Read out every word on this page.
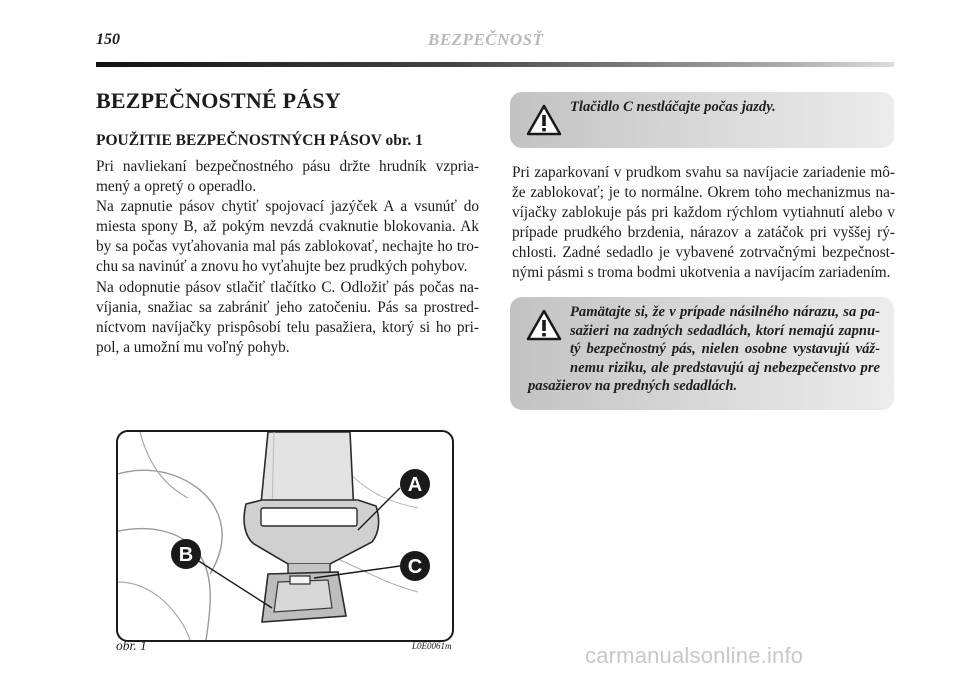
150	BEZPEČNOSŤ
BEZPEČNOSTNÉ PÁSY
POUŽITIE BEZPEČNOSTNÝCH PÁSOV obr. 1

Pri navliekaní bezpečnostného pásu držte hrudník vzpria-mený a opretý o operadlo.

Na zapnutie pásov chytiť spojovací jazýček A a vsunúť do miesta spony B, až pokým nevzdá cvaknutie blokovania. Ak by sa počas vyťahovania mal pás zablokovať, nechajte ho tro-chu sa navinúť a znovu ho vyťahujte bez prudkých pohybov.

Na odopnutie pásov stlačiť tlačítko C. Odložiť pás počas na-víjania, snažiac sa zabrániť jeho zatočeniu. Pás sa prostred-níctvom navíjačky prispôsobí telu pasažiera, ktorý si ho pri-pol, a umožní mu voľný pohyb.

Tlačidlo C nestláčajte počas jazdy.
Pri zaparkovaní v prudkom svahu sa navíjacie zariadenie mô-že zablokovať; je to normálne. Okrem toho mechanizmus na-víjačky zablokuje pás pri každom rýchlom vytiahnutí alebo v prípade prudkého brzdenia, nárazov a zatáčok pri vyššej rý-chlosti. Zadné sedadlo je vybavené zotrvačnými bezpečnost-nými pásmi s troma bodmi ukotvenia a navíjacím zariadením.
Pamätajte si, že v prípade násilného nárazu, sa pa-sažieri na zadných sedadlách, ktorí nemajú zapnu-tý bezpečnostný pás, nielen osobne vystavujú váž-nemu riziku, ale predstavujú aj nebezpečenstvo pre pasažierov na predných sedadlách.
A
B
C
obr. 1	L0E0061m	carmanualsonline.info
